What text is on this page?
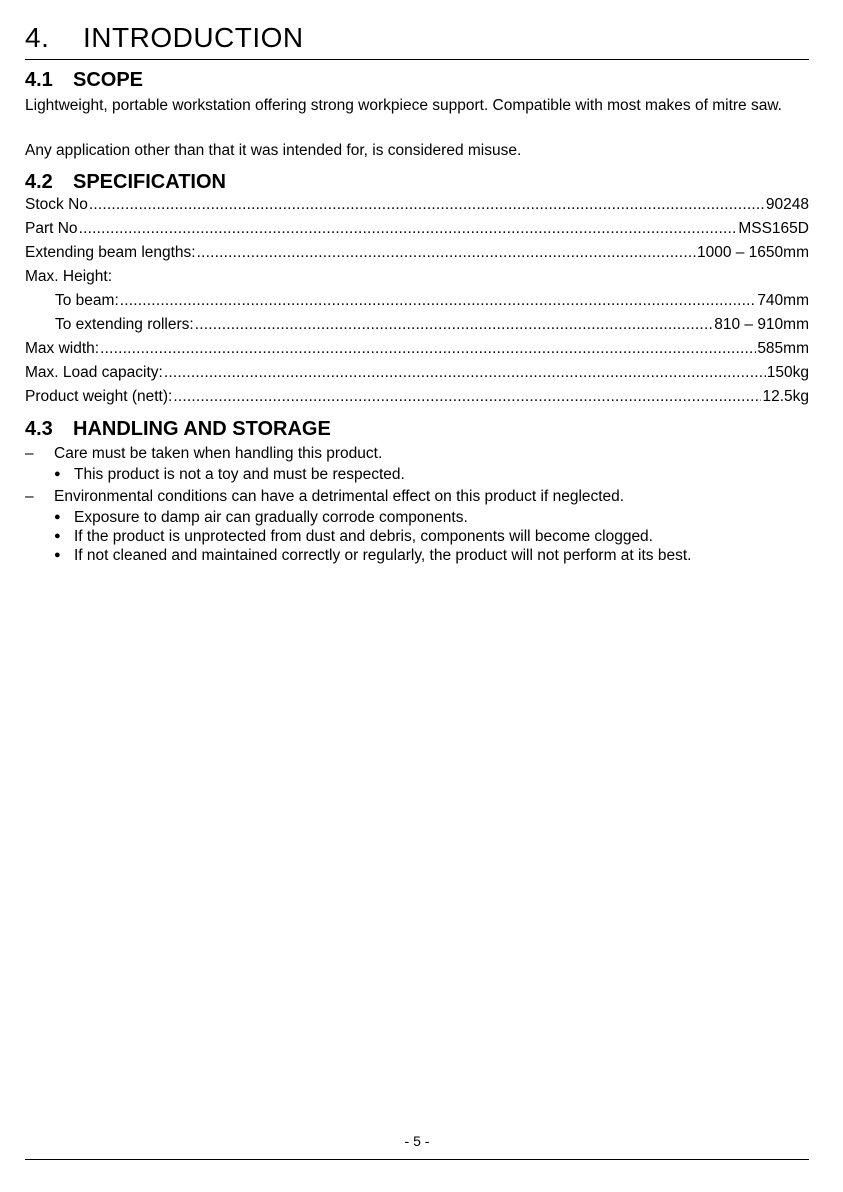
4. INTRODUCTION
4.1 SCOPE

Lightweight, portable workstation offering strong workpiece support. Compatible with most makes of mitre saw.

Any application other than that it was intended for, is considered misuse.

4.2 SPECIFICATION
Stock No .....	90248
Part No .....	MSS165D
Extending beam lengths: .....	1000 – 1650mm
Max. Height:
To beam: .....	740mm
To extending rollers: .....	810 – 910mm
Max width: .....	585mm
Max. Load capacity: .....	150kg
Product weight (nett): .....	12.5kg
4.3 HANDLING AND STORAGE
–	Care must be taken when handling this product.
● This product is not a toy and must be respected.
–	Environmental conditions can have a detrimental effect on this product if neglected.
● Exposure to damp air can gradually corrode components.
● If the product is unprotected from dust and debris, components will become clogged.
● If not cleaned and maintained correctly or regularly, the product will not perform at its best.
- 5 -
